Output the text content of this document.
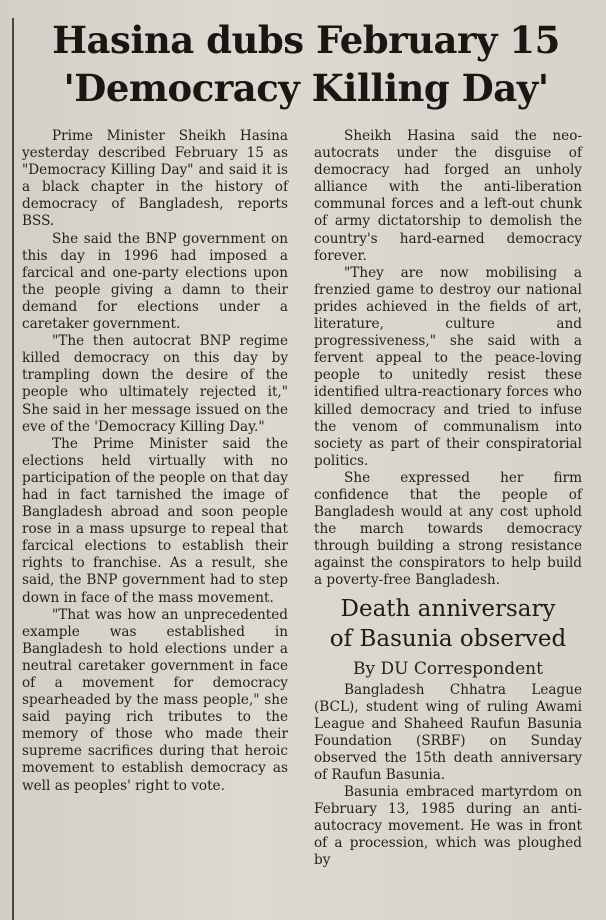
Hasina dubs February 15
'Democracy Killing Day'

Prime Minister Sheikh Hasina yesterday described February 15 as "Democracy Killing Day" and said it is a black chapter in the history of democracy of Bangladesh, reports BSS.

She said the BNP government on this day in 1996 had imposed a farcical and one-party elections upon the people giving a damn to their demand for elections under a caretaker government.

"The then autocrat BNP regime killed democracy on this day by trampling down the desire of the people who ultimately rejected it," She said in her message issued on the eve of the 'Democracy Killing Day."

The Prime Minister said the elections held virtually with no participation of the people on that day had in fact tarnished the image of Bangladesh abroad and soon people rose in a mass upsurge to repeal that farcical elections to establish their rights to franchise. As a result, she said, the BNP government had to step down in face of the mass movement.

"That was how an unprecedented example was established in Bangladesh to hold elections under a neutral caretaker government in face of a movement for democracy spearheaded by the mass people," she said paying rich tributes to the memory of those who made their supreme sacrifices during that heroic movement to establish democracy as well as peoples' right to vote.

Sheikh Hasina said the neo-autocrats under the disguise of democracy had forged an unholy alliance with the anti-liberation communal forces and a left-out chunk of army dictatorship to demolish the country's hard-earned democracy forever.

"They are now mobilising a frenzied game to destroy our national prides achieved in the fields of art, literature, culture and progressiveness," she said with a fervent appeal to the peace-loving people to unitedly resist these identified ultra-reactionary forces who killed democracy and tried to infuse the venom of communalism into society as part of their conspiratorial politics.

She expressed her firm confidence that the people of Bangladesh would at any cost uphold the march towards democracy through building a strong resistance against the conspirators to help build a poverty-free Bangladesh.

Death anniversary
of Basunia observed
By DU Correspondent

Bangladesh Chhatra League (BCL), student wing of ruling Awami League and Shaheed Raufun Basunia Foundation (SRBF) on Sunday observed the 15th death anniversary of Raufun Basunia.

Basunia embraced martyrdom on February 13, 1985 during an anti-autocracy movement. He was in front of a procession, which was ploughed by
